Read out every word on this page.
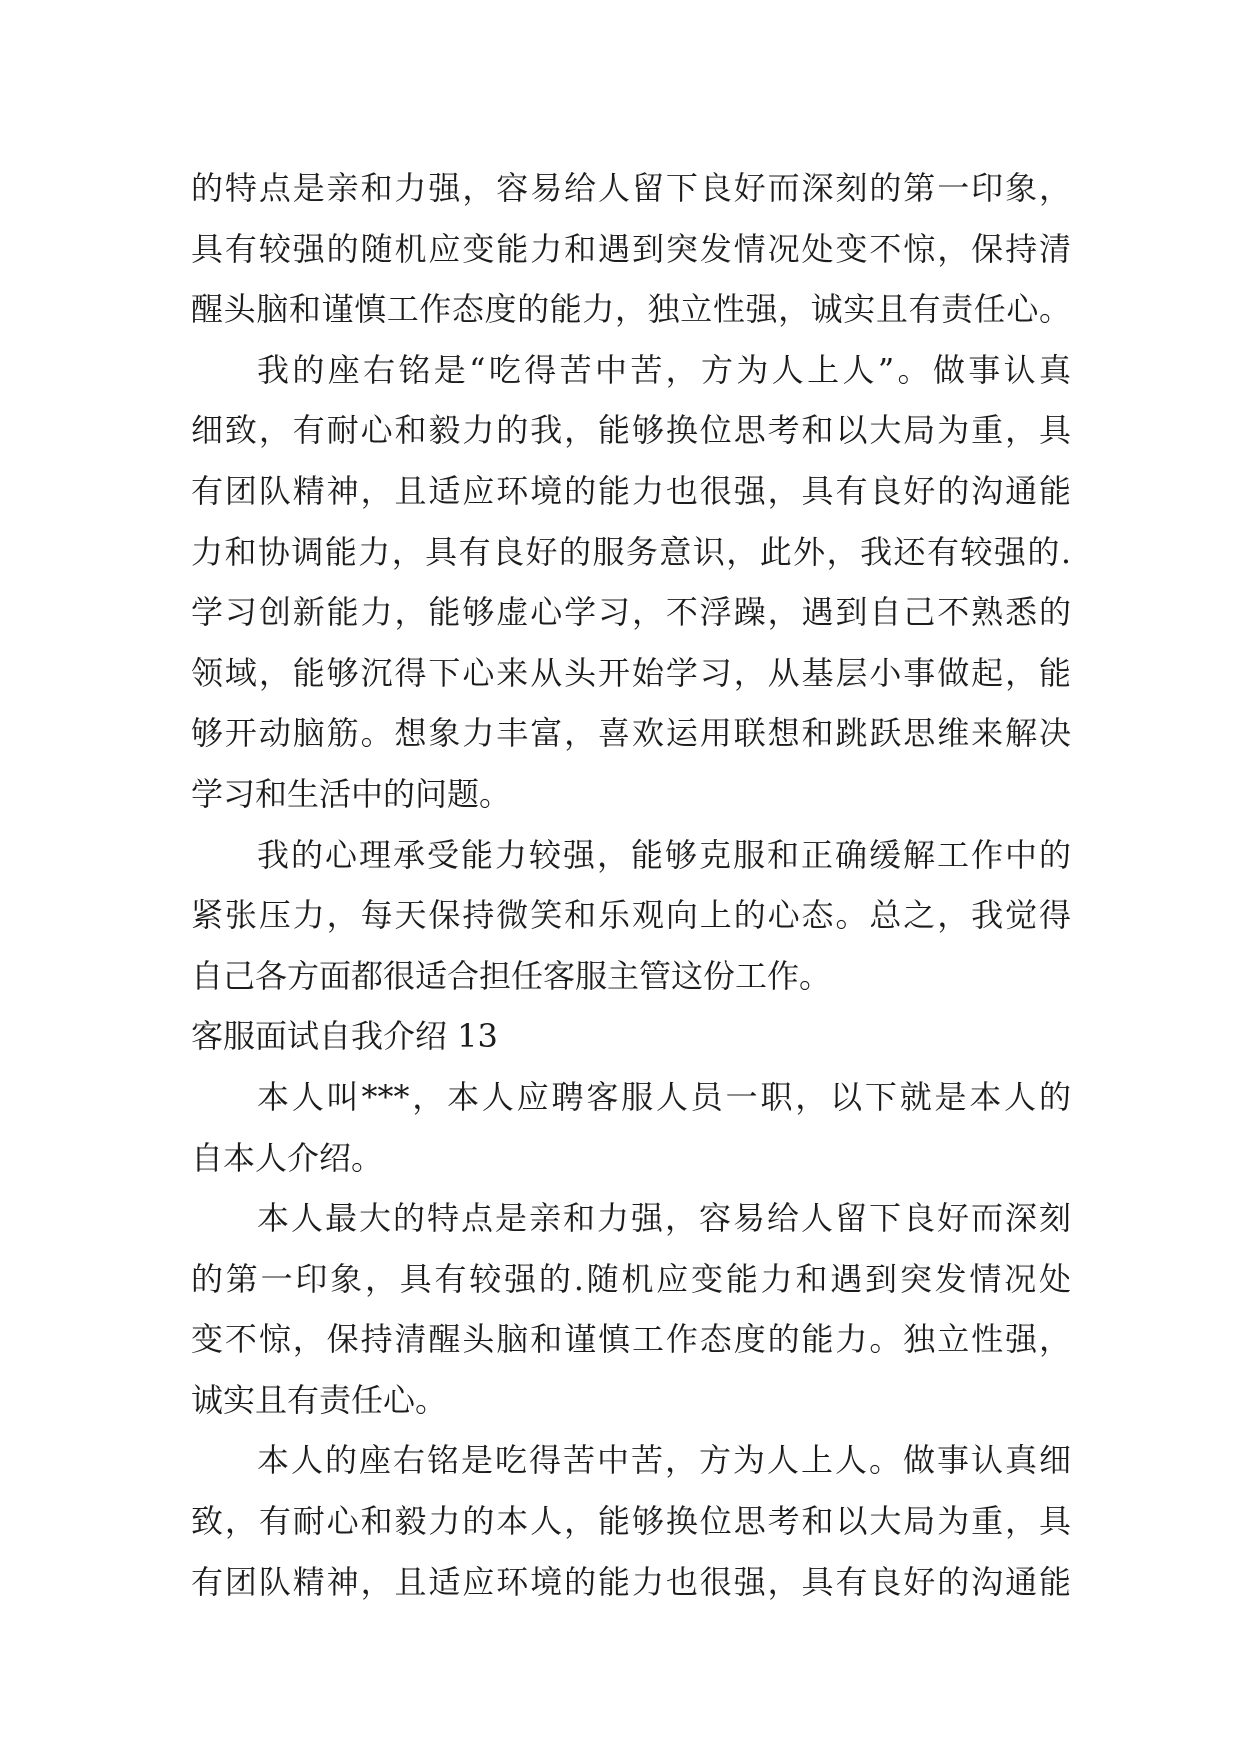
的特点是亲和力强，容易给人留下良好而深刻的第一印象，
具有较强的随机应变能力和遇到突发情况处变不惊，保持清
醒头脑和谨慎工作态度的能力，独立性强，诚实且有责任心。
我的座右铭是“吃得苦中苦，方为人上人”。做事认真
细致，有耐心和毅力的我，能够换位思考和以大局为重，具
有团队精神，且适应环境的能力也很强，具有良好的沟通能
力和协调能力，具有良好的服务意识，此外，我还有较强的.
学习创新能力，能够虚心学习，不浮躁，遇到自己不熟悉的
领域，能够沉得下心来从头开始学习，从基层小事做起，能
够开动脑筋。想象力丰富，喜欢运用联想和跳跃思维来解决
学习和生活中的问题。
我的心理承受能力较强，能够克服和正确缓解工作中的
紧张压力，每天保持微笑和乐观向上的心态。总之，我觉得
自己各方面都很适合担任客服主管这份工作。
客服面试自我介绍 13
本人叫***，本人应聘客服人员一职，以下就是本人的
自本人介绍。
本人最大的特点是亲和力强，容易给人留下良好而深刻
的第一印象，具有较强的.随机应变能力和遇到突发情况处
变不惊，保持清醒头脑和谨慎工作态度的能力。独立性强，
诚实且有责任心。
本人的座右铭是吃得苦中苦，方为人上人。做事认真细
致，有耐心和毅力的本人，能够换位思考和以大局为重，具
有团队精神，且适应环境的能力也很强，具有良好的沟通能
